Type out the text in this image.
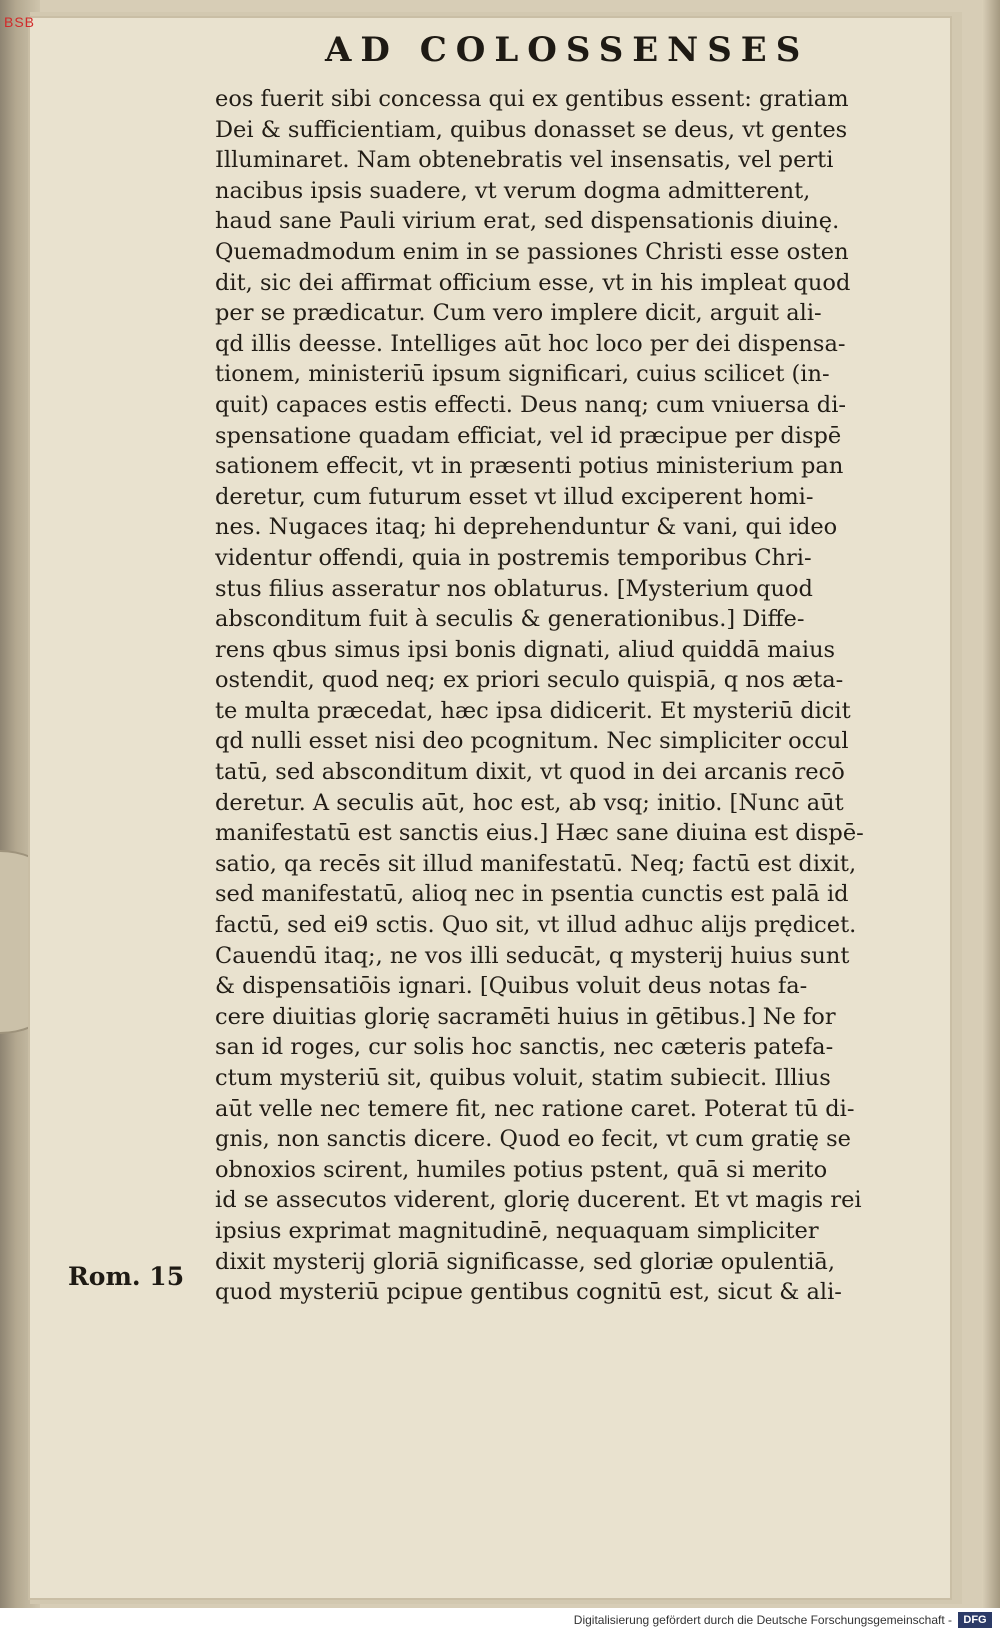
BSB
AD COLOSSENSES
eos fuerit sibi concessa qui ex gentibus essent: gratiam
Dei & sufficientiam, quibus donasset se deus, vt gentes
Illuminaret. Nam obtenebratis vel insensatis, vel perti
nacibus ipsis suadere, vt verum dogma admitterent,
haud sane Pauli virium erat, sed dispensationis diuinę.
Quemadmodum enim in se passiones Christi esse osten
dit, sic dei affirmat officium esse, vt in his impleat quod
per se prædicatur. Cum vero implere dicit, arguit ali-
qd illis deesse. Intelliges aūt hoc loco per dei dispensa-
tionem, ministeriū ipsum significari, cuius scilicet (in-
quit) capaces estis effecti. Deus nanq; cum vniuersa di-
spensatione quadam efficiat, vel id præcipue per dispē
sationem effecit, vt in præsenti potius ministerium pan
deretur, cum futurum esset vt illud exciperent homi-
nes. Nugaces itaq; hi deprehenduntur & vani, qui ideo
videntur offendi, quia in postremis temporibus Chri-
stus filius asseratur nos oblaturus. [Mysterium quod
absconditum fuit à seculis & generationibus.] Diffe-
rens qbus simus ipsi bonis dignati, aliud quiddā maius
ostendit, quod neq; ex priori seculo quispiā, q nos æta-
te multa præcedat, hæc ipsa didicerit. Et mysteriū dicit
qd nulli esset nisi deo pcognitum. Nec simpliciter occul
tatū, sed absconditum dixit, vt quod in dei arcanis recō
deretur. A seculis aūt, hoc est, ab vsq; initio. [Nunc aūt
manifestatū est sanctis eius.] Hæc sane diuina est dispē-
satio, qa recēs sit illud manifestatū. Neq; factū est dixit,
sed manifestatū, alioq nec in psentia cunctis est palā id
factū, sed ei9 sctis. Quo sit, vt illud adhuc alijs prędicet.
Cauendū itaq;, ne vos illi seducāt, q mysterij huius sunt
& dispensatiōis ignari. [Quibus voluit deus notas fa-
cere diuitias glorię sacramēti huius in gētibus.] Ne for
san id roges, cur solis hoc sanctis, nec cæteris patefa-
ctum mysteriū sit, quibus voluit, statim subiecit. Illius
aūt velle nec temere fit, nec ratione caret. Poterat tū di-
gnis, non sanctis dicere. Quod eo fecit, vt cum gratię se
obnoxios scirent, humiles potius pstent, quā si merito
id se assecutos viderent, glorię ducerent. Et vt magis rei
ipsius exprimat magnitudinē, nequaquam simpliciter
dixit mysterij gloriā significasse, sed gloriæ opulentiā,
quod mysteriū pcipue gentibus cognitū est, sicut & ali-
Rom. 15
Digitalisierung gefördert durch die Deutsche Forschungsgemeinschaft -	DFG
